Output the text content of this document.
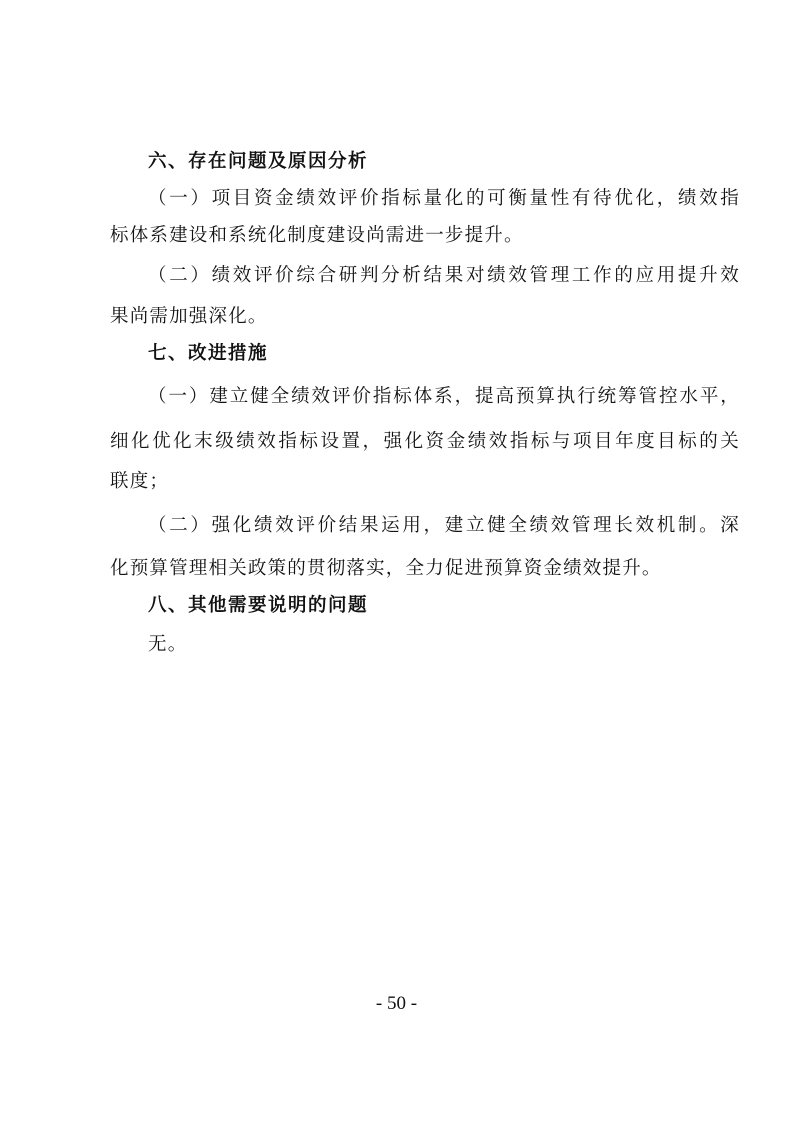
六、存在问题及原因分析
（一）项目资金绩效评价指标量化的可衡量性有待优化，绩效指
标体系建设和系统化制度建设尚需进一步提升。
（二）绩效评价综合研判分析结果对绩效管理工作的应用提升效
果尚需加强深化。
七、改进措施
（一）建立健全绩效评价指标体系，提高预算执行统筹管控水平，
细化优化末级绩效指标设置，强化资金绩效指标与项目年度目标的关
联度；
（二）强化绩效评价结果运用，建立健全绩效管理长效机制。深
化预算管理相关政策的贯彻落实，全力促进预算资金绩效提升。
八、其他需要说明的问题
无。
- 50 -
